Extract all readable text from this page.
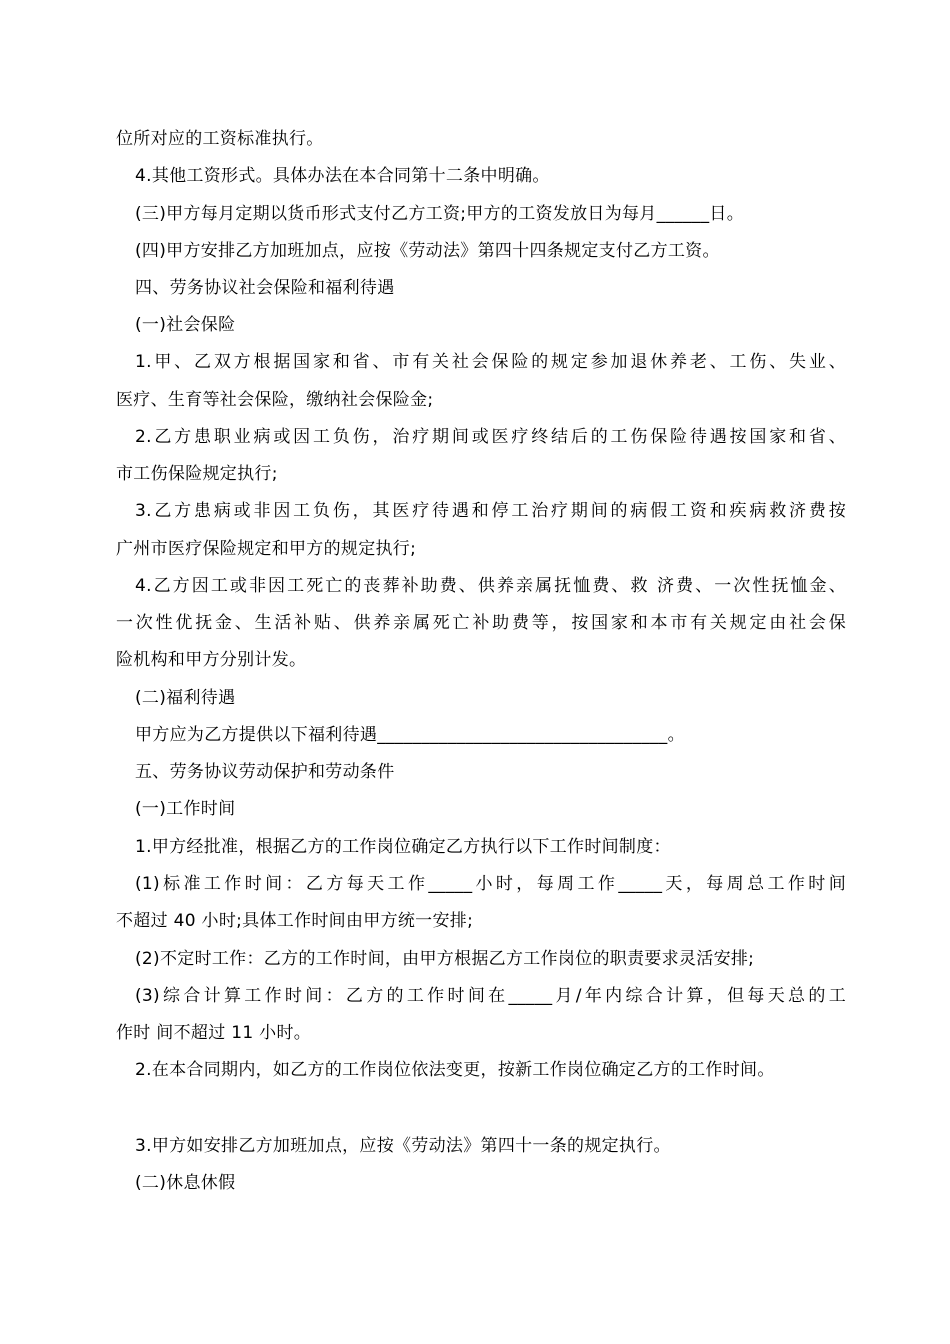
位所对应的工资标准执行。
4.其他工资形式。具体办法在本合同第十二条中明确。
(三)甲方每月定期以货币形式支付乙方工资;甲方的工资发放日为每月______日。
(四)甲方安排乙方加班加点，应按《劳动法》第四十四条规定支付乙方工资。
四、劳务协议社会保险和福利待遇
(一)社会保险
1.甲、乙双方根据国家和省、市有关社会保险的规定参加退休养老、工伤、失业、
医疗、生育等社会保险，缴纳社会保险金;
2.乙方患职业病或因工负伤，治疗期间或医疗终结后的工伤保险待遇按国家和省、
市工伤保险规定执行;
3.乙方患病或非因工负伤，其医疗待遇和停工治疗期间的病假工资和疾病救济费按
广州市医疗保险规定和甲方的规定执行;
4.乙方因工或非因工死亡的丧葬补助费、供养亲属抚恤费、救 济费、一次性抚恤金、
一次性优抚金、生活补贴、供养亲属死亡补助费等，按国家和本市有关规定由社会保
险机构和甲方分别计发。
(二)福利待遇
甲方应为乙方提供以下福利待遇_________________________________。
五、劳务协议劳动保护和劳动条件
(一)工作时间
1.甲方经批准，根据乙方的工作岗位确定乙方执行以下工作时间制度：
(1)标准工作时间：乙方每天工作_____小时，每周工作_____天，每周总工作时间
不超过 40 小时;具体工作时间由甲方统一安排;
(2)不定时工作：乙方的工作时间，由甲方根据乙方工作岗位的职责要求灵活安排;
(3)综合计算工作时间：乙方的工作时间在_____月/年内综合计算，但每天总的工
作时 间不超过 11 小时。
2.在本合同期内，如乙方的工作岗位依法变更，按新工作岗位确定乙方的工作时间。
3.甲方如安排乙方加班加点，应按《劳动法》第四十一条的规定执行。
(二)休息休假
